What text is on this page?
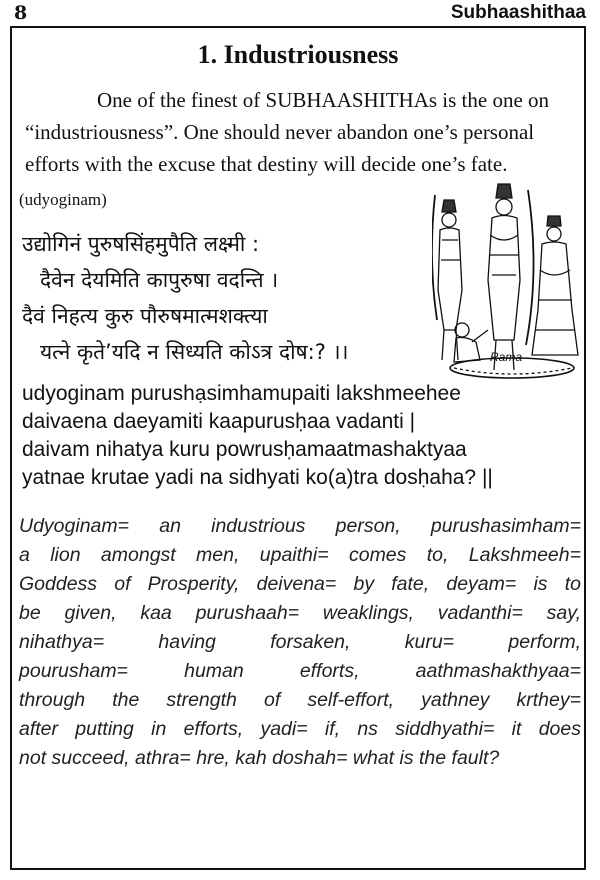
8	Subhaashithaa
1. Industriousness
One of the finest of SUBHAASHITHAs is the one on
“industriousness”. One should never abandon one’s personal
efforts with the excuse that destiny will decide one’s fate.
(udyoginam)
उद्योगिनं पुरुषसिंहमुपैति लक्ष्मी :
दैवेन देयमिति कापुरुषा वदन्ति ।
दैवं निहत्य कुरु पौरुषमात्मशक्त्या
यत्ने कृते’यदि न सिध्यति कोऽत्र दोष:? ।।	Rama
udyoginam purushạsimhamupaiti lakshmeehee
daivaena daeyamiti kaapurusḥaa vadanti |
daivam nihatya kuru powrusḥamaatmashaktyaa
yatnae krutae yadi na sidhyati ko(a)tra dosḥaha? ||
Udyoginam= an industrious person, purushasimham=
a lion amongst men, upaithi= comes to, Lakshmeeh=
Goddess of Prosperity, deivena= by fate, deyam= is to
be given, kaa purushaah= weaklings, vadanthi= say,
nihathya= having forsaken, kuru= perform,
pourusham= human efforts, aathmashakthyaa=
through the strength of self-effort, yathney krthey=
after putting in efforts, yadi= if, ns siddhyathi= it does
not succeed, athra= hre, kah doshah= what is the fault?
